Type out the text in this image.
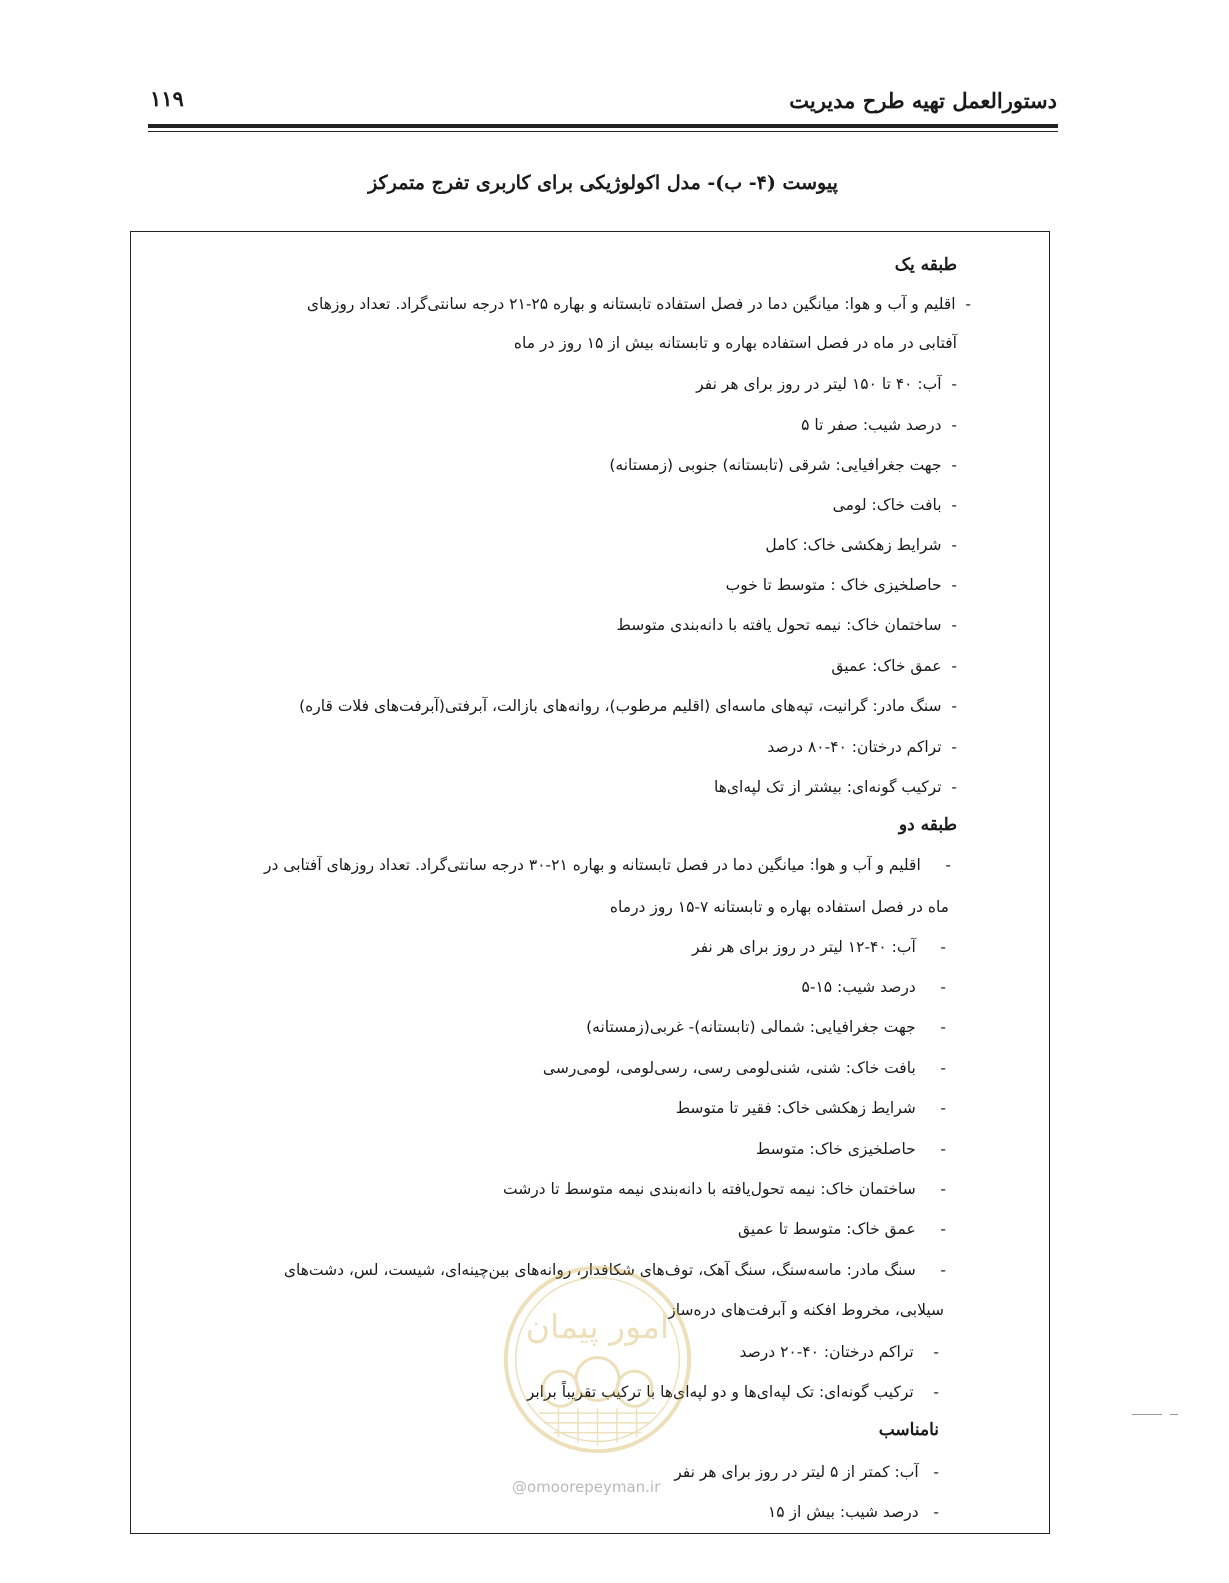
دستورالعمل تهیه طرح مدیریت
۱۱۹
پیوست (۴- ب)- مدل اکولوژیکی برای کاربری تفرج متمرکز
طبقه یک
-  اقلیم و آب و هوا: میانگین دما در فصل استفاده تابستانه و بهاره ۲۵-۲۱ درجه سانتی‌گراد. تعداد روزهای
آفتابی در ماه در فصل استفاده بهاره و تابستانه بیش از ۱۵ روز در ماه
-  آب: ۴۰ تا ۱۵۰ لیتر در روز برای هر نفر
-  درصد شیب: صفر تا ۵
-  جهت جغرافیایی: شرقی (تابستانه) جنوبی (زمستانه)
-  بافت خاک: لومی
-  شرایط زهکشی خاک: کامل
-  حاصلخیزی خاک : متوسط تا خوب
-  ساختمان خاک: نیمه تحول یافته با دانه‌بندی متوسط
-  عمق خاک: عمیق
-  سنگ مادر: گرانیت، تپه‌های ماسه‌ای (اقلیم مرطوب)، روانه‌های بازالت، آبرفتی(آبرفت‌های فلات قاره)
-  تراکم درختان: ۴۰-۸۰ درصد
-  ترکیب گونه‌ای: بیشتر از تک لپه‌ای‌ها
طبقه دو
-     اقلیم و آب و هوا: میانگین دما در فصل تابستانه و بهاره ۲۱-۳۰ درجه سانتی‌گراد. تعداد روزهای آفتابی در
ماه در فصل استفاده بهاره و تابستانه ۷-۱۵ روز درماه
-     آب: ۴۰-۱۲ لیتر در روز برای هر نفر
-     درصد شیب: ۱۵-۵
-     جهت جغرافیایی: شمالی (تابستانه)- غربی(زمستانه)
-     بافت خاک: شنی، شنی‌لومی رسی، رسی‌لومی، لومی‌رسی
-     شرایط زهکشی خاک: فقیر تا متوسط
-     حاصلخیزی خاک: متوسط
-     ساختمان خاک: نیمه تحول‌یافته با دانه‌بندی نیمه متوسط تا درشت
-     عمق خاک: متوسط تا عمیق
-     سنگ مادر: ماسه‌سنگ، سنگ آهک، توف‌های شکافدار، روانه‌های بین‌چینه‌ای، شیست، لس، دشت‌های
سیلابی، مخروط افکنه و آبرفت‌های دره‌ساز
-    تراکم درختان: ۴۰-۲۰ درصد
-    ترکیب گونه‌ای: تک لپه‌ای‌ها و دو لپه‌ای‌ها با ترکیب تقریباً برابر
نامناسب
-   آب: کمتر از ۵ لیتر در روز برای هر نفر
-   درصد شیب: بیش از ۱۵
امور پیمان
@omoorepeyman.ir
